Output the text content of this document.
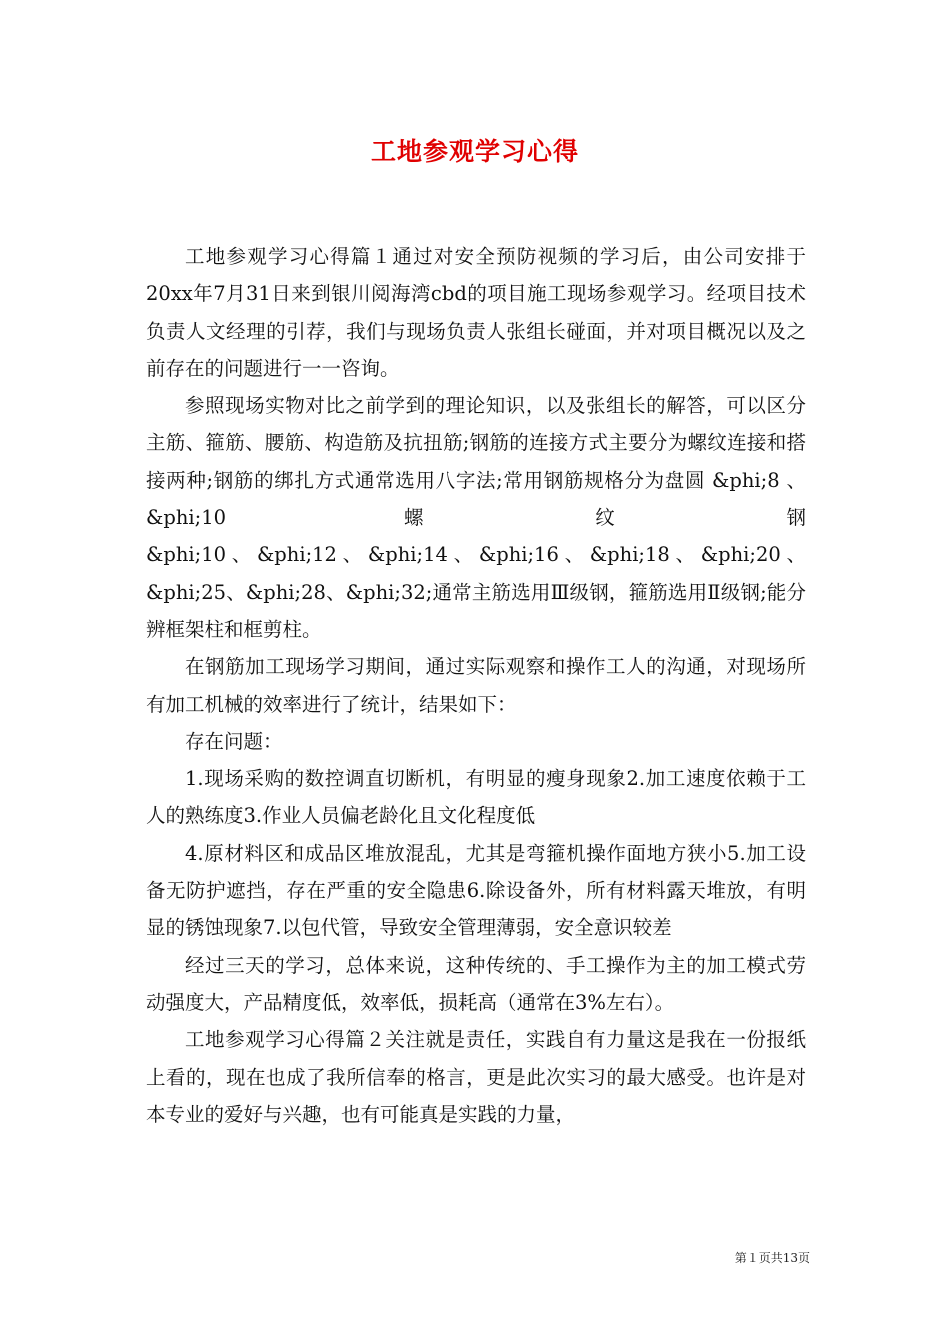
工地参观学习心得

工地参观学习心得篇１通过对安全预防视频的学习后，由公司安排于20xx年7月31日来到银川阅海湾cbd的项目施工现场参观学习。经项目技术负责人文经理的引荐，我们与现场负责人张组长碰面，并对项目概况以及之前存在的问题进行一一咨询。

参照现场实物对比之前学到的理论知识，以及张组长的解答，可以区分主筋、箍筋、腰筋、构造筋及抗扭筋;钢筋的连接方式主要分为螺纹连接和搭接两种;钢筋的绑扎方式通常选用八字法;常用钢筋规格分为盘圆 &phi;8 、 &phi;10 螺纹钢

&phi;10、&phi;12、&phi;14、&phi;16、&phi;18、&phi;20、&phi;25、&phi;28、&phi;32;通常主筋选用Ⅲ级钢，箍筋选用Ⅱ级钢;能分辨框架柱和框剪柱。

在钢筋加工现场学习期间，通过实际观察和操作工人的沟通，对现场所有加工机械的效率进行了统计，结果如下：

存在问题：

1.现场采购的数控调直切断机，有明显的瘦身现象2.加工速度依赖于工人的熟练度3.作业人员偏老龄化且文化程度低

4.原材料区和成品区堆放混乱，尤其是弯箍机操作面地方狭小5.加工设备无防护遮挡，存在严重的安全隐患6.除设备外，所有材料露天堆放，有明显的锈蚀现象7.以包代管，导致安全管理薄弱，安全意识较差

经过三天的学习，总体来说，这种传统的、手工操作为主的加工模式劳动强度大，产品精度低，效率低，损耗高（通常在3%左右）。

工地参观学习心得篇２关注就是责任，实践自有力量这是我在一份报纸上看的，现在也成了我所信奉的格言，更是此次实习的最大感受。也许是对本专业的爱好与兴趣，也有可能真是实践的力量，

第１页共13页
